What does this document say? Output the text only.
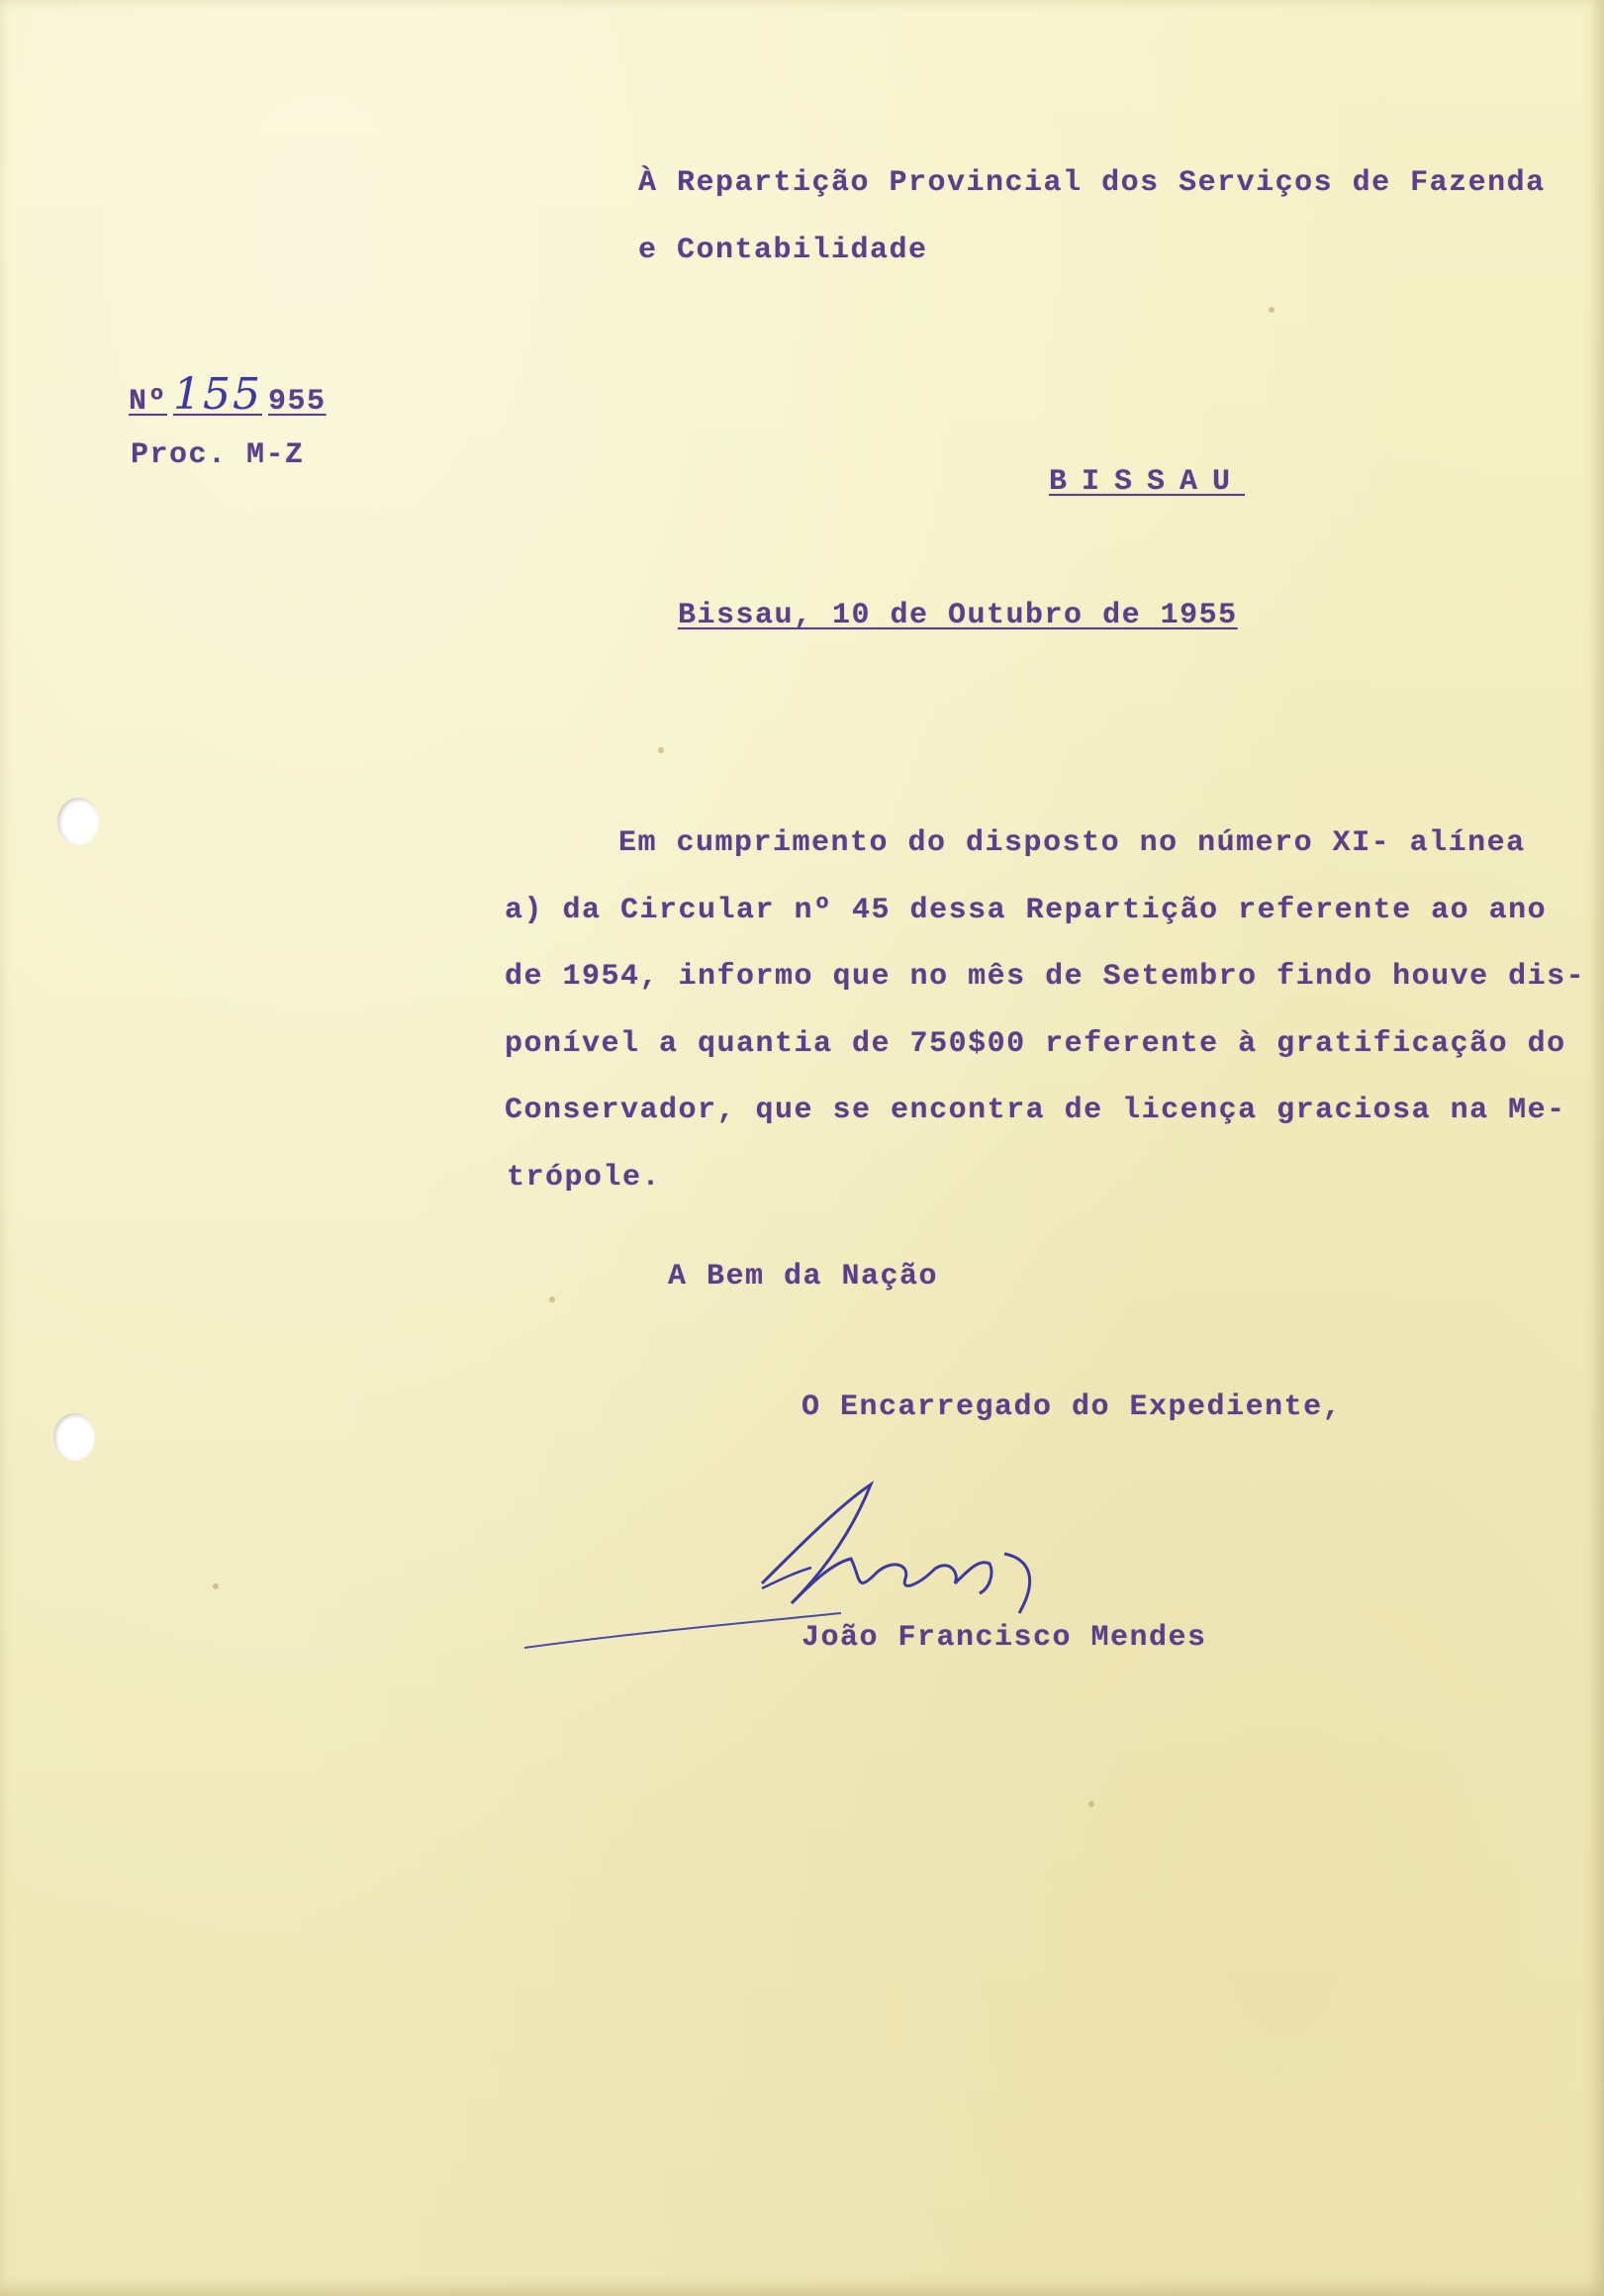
À Repartição Provincial dos Serviços de Fazenda
e Contabilidade
Nº 155 955
Proc. M-Z
BISSAU
Bissau, 10 de Outubro de 1955
Em cumprimento do disposto no número XI- alínea
a) da Circular nº 45 dessa Repartição referente ao ano
de 1954, informo que no mês de Setembro findo houve dis-
ponível a quantia de 750$00 referente à gratificação do
Conservador, que se encontra de licença graciosa na Me-
trópole.
A Bem da Nação
O Encarregado do Expediente,
João Francisco Mendes
